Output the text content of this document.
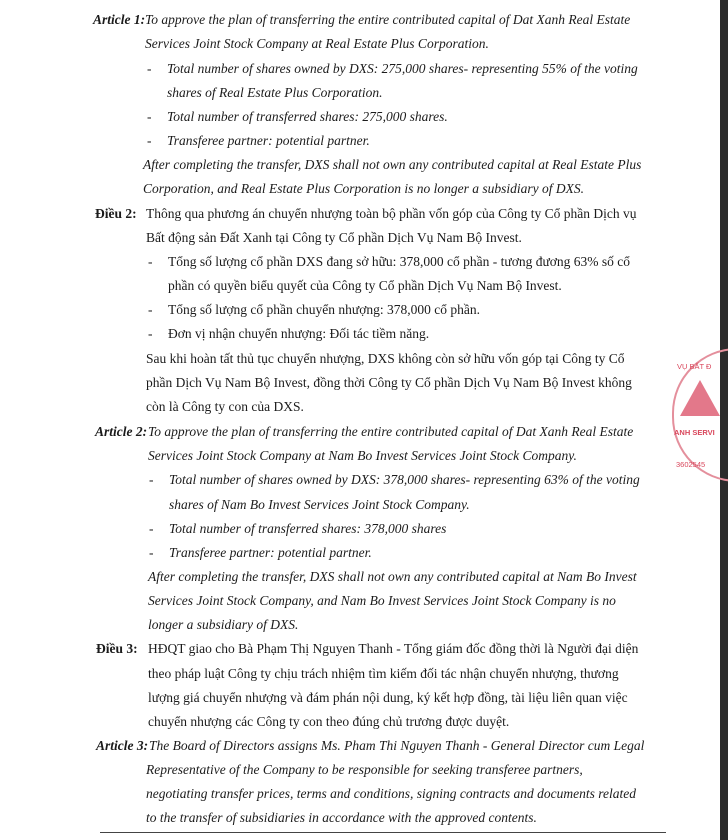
Article 1: To approve the plan of transferring the entire contributed capital of Dat Xanh Real Estate
Services Joint Stock Company at Real Estate Plus Corporation.
- Total number of shares owned by DXS: 275,000 shares- representing 55% of the voting
shares of Real Estate Plus Corporation.
- Total number of transferred shares: 275,000 shares.
- Transferee partner: potential partner.
After completing the transfer, DXS shall not own any contributed capital at Real Estate Plus
Corporation, and Real Estate Plus Corporation is no longer a subsidiary of DXS.
Điều 2: Thông qua phương án chuyển nhượng toàn bộ phần vốn góp của Công ty Cổ phần Dịch vụ
Bất động sản Đất Xanh tại Công ty Cổ phần Dịch Vụ Nam Bộ Invest.
- Tổng số lượng cổ phần DXS đang sở hữu: 378,000 cổ phần - tương đương 63% số cổ
phần có quyền biểu quyết của Công ty Cổ phần Dịch Vụ Nam Bộ Invest.
- Tổng số lượng cổ phần chuyển nhượng: 378,000 cổ phần.
- Đơn vị nhận chuyển nhượng: Đối tác tiềm năng.
Sau khi hoàn tất thủ tục chuyển nhượng, DXS không còn sở hữu vốn góp tại Công ty Cổ
phần Dịch Vụ Nam Bộ Invest, đồng thời Công ty Cổ phần Dịch Vụ Nam Bộ Invest không
còn là Công ty con của DXS.
Article 2: To approve the plan of transferring the entire contributed capital of Dat Xanh Real Estate
Services Joint Stock Company at Nam Bo Invest Services Joint Stock Company.
- Total number of shares owned by DXS: 378,000 shares- representing 63% of the voting
shares of Nam Bo Invest Services Joint Stock Company.
- Total number of transferred shares: 378,000 shares
- Transferee partner: potential partner.
After completing the transfer, DXS shall not own any contributed capital at Nam Bo Invest
Services Joint Stock Company, and Nam Bo Invest Services Joint Stock Company is no
longer a subsidiary of DXS.
Điều 3: HĐQT giao cho Bà Phạm Thị Nguyen Thanh - Tổng giám đốc đồng thời là Người đại diện
theo pháp luật Công ty chịu trách nhiệm tìm kiếm đối tác nhận chuyển nhượng, thương
lượng giá chuyển nhượng và đám phán nội dung, ký kết hợp đồng, tài liệu liên quan việc
chuyển nhượng các Công ty con theo đúng chủ trương được duyệt.
Article 3: The Board of Directors assigns Ms. Pham Thi Nguyen Thanh - General Director cum Legal
Representative of the Company to be responsible for seeking transferee partners,
negotiating transfer prices, terms and conditions, signing contracts and documents related
to the transfer of subsidiaries in accordance with the approved contents.
VỤ BẤT Đ
ANH SERVI
3602545
